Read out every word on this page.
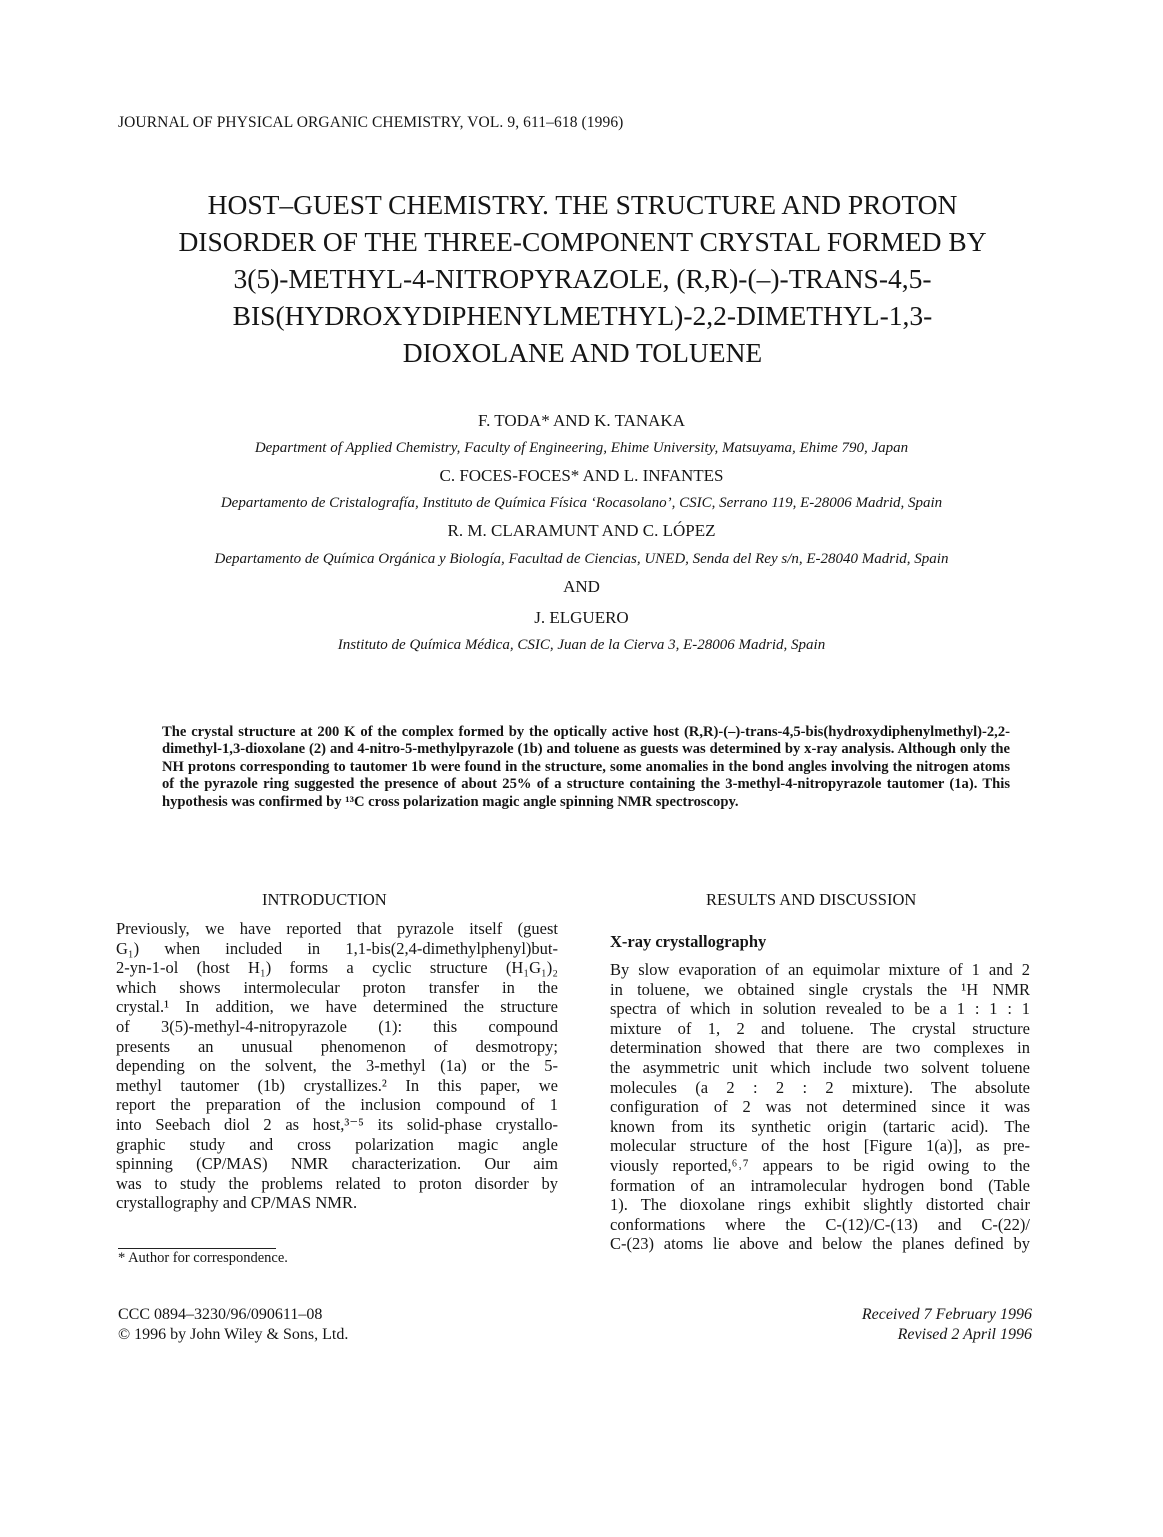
JOURNAL OF PHYSICAL ORGANIC CHEMISTRY, VOL. 9, 611–618 (1996)
HOST–GUEST CHEMISTRY. THE STRUCTURE AND PROTON
DISORDER OF THE THREE-COMPONENT CRYSTAL FORMED BY
3(5)-METHYL-4-NITROPYRAZOLE, (R,R)-(–)-TRANS-4,5-
BIS(HYDROXYDIPHENYLMETHYL)-2,2-DIMETHYL-1,3-
DIOXOLANE AND TOLUENE
F. TODA* AND K. TANAKA
Department of Applied Chemistry, Faculty of Engineering, Ehime University, Matsuyama, Ehime 790, Japan
C. FOCES-FOCES* AND L. INFANTES
Departamento de Cristalografía, Instituto de Química Física ‘Rocasolano’, CSIC, Serrano 119, E-28006 Madrid, Spain
R. M. CLARAMUNT AND C. LÓPEZ
Departamento de Química Orgánica y Biología, Facultad de Ciencias, UNED, Senda del Rey s/n, E-28040 Madrid, Spain
AND
J. ELGUERO
Instituto de Química Médica, CSIC, Juan de la Cierva 3, E-28006 Madrid, Spain
The crystal structure at 200 K of the complex formed by the optically active host (R,R)-(–)-trans-4,5-bis(hydroxydiphenylmethyl)-2,2-dimethyl-1,3-dioxolane (2) and 4-nitro-5-methylpyrazole (1b) and toluene as guests was determined by x-ray analysis. Although only the NH protons corresponding to tautomer 1b were found in the structure, some anomalies in the bond angles involving the nitrogen atoms of the pyrazole ring suggested the presence of about 25% of a structure containing the 3-methyl-4-nitropyrazole tautomer (1a). This hypothesis was confirmed by ¹³C cross polarization magic angle spinning NMR spectroscopy.
INTRODUCTION
Previously, we have reported that pyrazole itself (guest
G₁) when included in 1,1-bis(2,4-dimethylphenyl)but-
2-yn-1-ol (host H₁) forms a cyclic structure (H₁G₁)₂
which shows intermolecular proton transfer in the
crystal.¹ In addition, we have determined the structure
of 3(5)-methyl-4-nitropyrazole (1): this compound
presents an unusual phenomenon of desmotropy;
depending on the solvent, the 3-methyl (1a) or the 5-
methyl tautomer (1b) crystallizes.² In this paper, we
report the preparation of the inclusion compound of 1
into Seebach diol 2 as host,³⁻⁵ its solid-phase crystallo-
graphic study and cross polarization magic angle
spinning (CP/MAS) NMR characterization. Our aim
was to study the problems related to proton disorder by
crystallography and CP/MAS NMR.
* Author for correspondence.
RESULTS AND DISCUSSION
X-ray crystallography
By slow evaporation of an equimolar mixture of 1 and 2
in toluene, we obtained single crystals the ¹H NMR
spectra of which in solution revealed to be a 1 : 1 : 1
mixture of 1, 2 and toluene. The crystal structure
determination showed that there are two complexes in
the asymmetric unit which include two solvent toluene
molecules (a 2 : 2 : 2 mixture). The absolute
configuration of 2 was not determined since it was
known from its synthetic origin (tartaric acid). The
molecular structure of the host [Figure 1(a)], as pre-
viously reported,⁶˒⁷ appears to be rigid owing to the
formation of an intramolecular hydrogen bond (Table
1). The dioxolane rings exhibit slightly distorted chair
conformations where the C-(12)/C-(13) and C-(22)/
C-(23) atoms lie above and below the planes defined by
CCC 0894–3230/96/090611–08
© 1996 by John Wiley & Sons, Ltd.
Received 7 February 1996
Revised 2 April 1996
